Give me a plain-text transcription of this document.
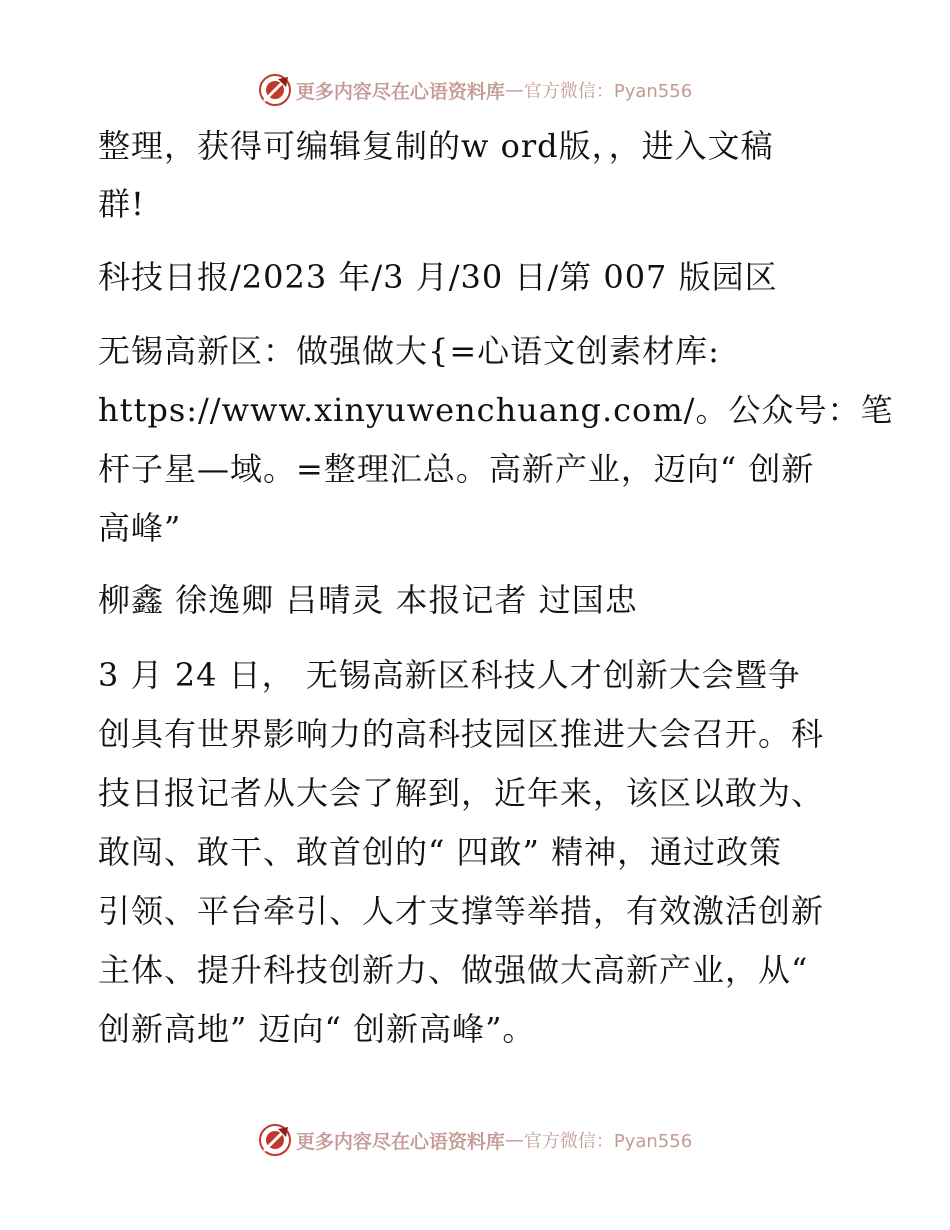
更多内容尽在心语资料库 — 官方微信：Pyan556
整理，获得可编辑复制的w ord版，，进入文稿
群!
科技日报/2023 年/3 月/30 日/第 007 版园区
无锡高新区：做强做大{=心语文创素材库:
https://www.xinyuwenchuang.com/。公众号：笔
杆子星—域。=整理汇总。高新产业，迈向“ 创新
高峰”
柳鑫 徐逸卿 吕晴灵 本报记者 过国忠
3 月 24 日， 无锡高新区科技人才创新大会暨争
创具有世界影响力的高科技园区推进大会召开。科
技日报记者从大会了解到，近年来，该区以敢为、
敢闯、敢干、敢首创的“ 四敢” 精神，通过政策
引领、平台牵引、人才支撑等举措，有效激活创新
主体、提升科技创新力、做强做大高新产业，从“
创新高地” 迈向“ 创新高峰”。
更多内容尽在心语资料库 — 官方微信：Pyan556
